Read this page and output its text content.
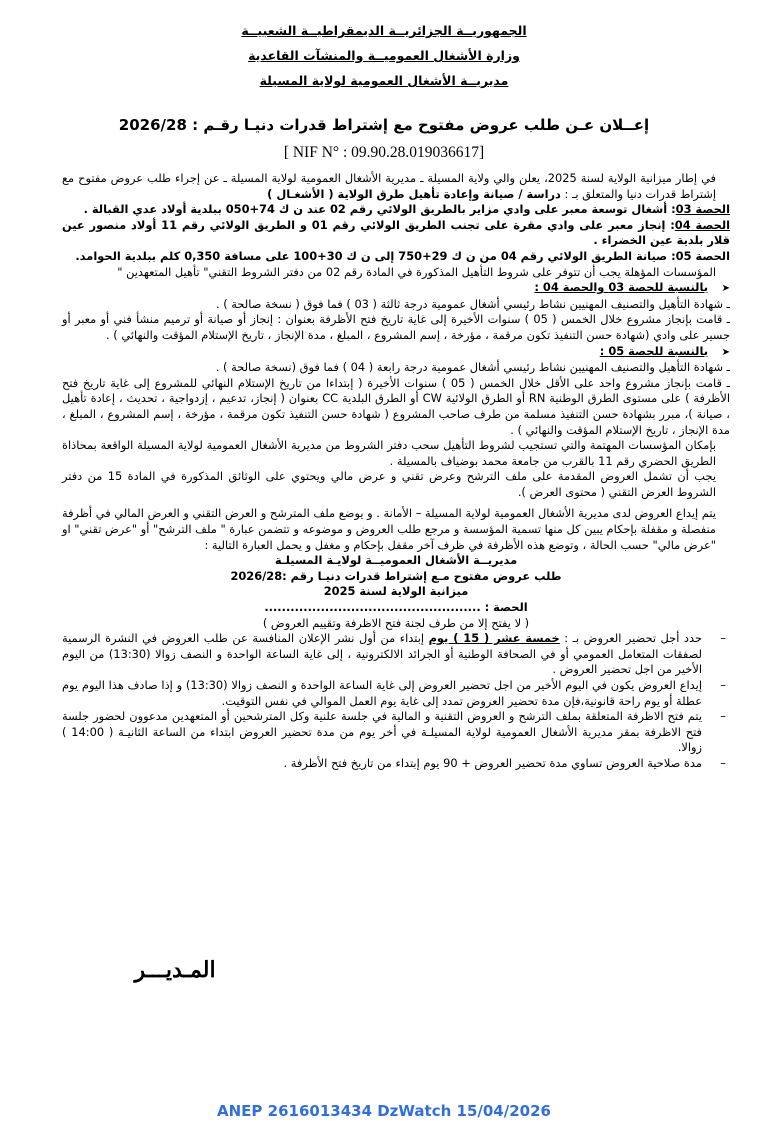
الجمهوريــة الجزائريــة الديمقراطيــة الشعبيــة
وزارة الأشغال العموميــة والمنشآت القاعدية
مديريــة الأشغال العمومية لولاية المسيلة
إعــلان عـن طلب عروض مفتوح مع إشتراط قدرات دنيـا رقـم : 2026/28
[ NIF N° : 09.90.28.019036617]

في إطار ميزانية الولاية لسنة 2025، يعلن والي ولاية المسيلة ـ مديرية الأشغال العمومية لولاية المسيلة ـ عن إجراء طلب عروض مفتوح مع إشتراط قدرات دنيا والمتعلق بـ : دراسة / صيانة وإعادة تأهيل طرق الولاية ( الأشغـال )

الحصة 03: أشغال توسعة معبر على وادي مزاير بالطريق الولائي رقم 02 عند ن ك 74+050 ببلدية أولاد عدي القبالة .

الحصة 04: إنجاز معبر على وادي مقرة على تجنب الطريق الولائي رقم 01 و الطريق الولائي رقم 11 أولاد منصور عين قلار بلدية عين الخضراء .

الحصة 05: صيانة الطريق الولائي رقم 04 من ن ك 29+750 إلى ن ك 30+100 على مسافة 0,350 كلم ببلدية الحوامد.

المؤسسات المؤهلة يجب أن تتوفر على شروط التأهيل المذكورة في المادة رقم 02 من دفتر الشروط التقني" تأهيل المتعهدين "

➤بالنسبة للحصة 03 والحصة 04 :

ـ شهادة التأهيل والتصنيف المهنيين نشاط رئيسي أشغال عمومية درجة ثالثة ( 03 ) فما فوق ( نسخة صالحة ) .

ـ قامت بإنجاز مشروع خلال الخمس ( 05 ) سنوات الأخيرة إلى غاية تاريخ فتح الأظرفة بعنوان : إنجاز أو صيانة أو ترميم منشأ فني أو معبر أو جسير على وادي (شهادة حسن التنفيذ تكون مرقمة ، مؤرخة ، إسم المشروع ، المبلغ ، مدة الإنجاز ، تاريخ الإستلام المؤقت والنهائي ) .

➤بالنسبة للحصة 05 :

ـ شهادة التأهيل والتصنيف المهنيين نشاط رئيسي أشغال عمومية درجة رابعة ( 04 ) فما فوق (نسخة صالحة ) .

ـ قامت بإنجاز مشروع واحد على الأقل خلال الخمس ( 05 ) سنوات الأخيرة ( إبتداءا من تاريخ الإستلام النهائي للمشروع إلى غاية تاريخ فتح الأظرفة ) على مستوى الطرق الوطنية RN أو الطرق الولائية CW أو الطرق البلدية CC بعنوان ( إنجاز، تدعيم ، إزدواجية ، تحديث ، إعادة تأهيل ، صيانة )، مبرر بشهادة حسن التنفيذ مسلمة من طرف صاحب المشروع ( شهادة حسن التنفيذ تكون مرقمة ، مؤرخة ، إسم المشروع ، المبلغ ، مدة الإنجاز ، تاريخ الإستلام المؤقت والنهائي ) .

بإمكان المؤسسات المهتمة والتي تستجيب لشروط التأهيل سحب دفتر الشروط من مديرية الأشغال العمومية لولاية المسيلة الواقعة بمحاذاة الطريق الحضري رقم 11 بالقرب من جامعة محمد بوضياف بالمسيلة .

يجب أن تشمل العروض المقدمة على ملف الترشح وعرض تقني و عرض مالي ويحتوي على الوثائق المذكورة في المادة 15 من دفتر الشروط العرض التقني ( محتوى العرض ).

يتم إيداع العروض لدى مديرية الأشغال العمومية لولاية المسيلة – الأمانة . و يوضع ملف المترشح و العرض التقني و العرض المالي في أظرفة منفصلة و مقفلة بإحكام يبين كل منها تسمية المؤسسة و مرجع طلب العروض و موضوعه و تتضمن عبارة " ملف الترشح" أو "عرض تقني" او "عرض مالي" حسب الحالة ، وتوضع هذه الأظرفة في ظرف آخر مقفل بإحكام و مغفل و يحمل العبارة التالية :

مديريــة الأشغال العموميــة لولايـة المسيلـة

طلب عروض مفتوح مـع إشتراط قدرات دنيـا رقم :2026/28

ميزانية الولاية لسنة 2025

الحصة : ..................................................

( لا يفتح إلا من طرف لجنة فتح الاظرفة وتقييم العروض )

– حدد أجل تحضير العروض بـ : خمسة عشر ( 15 ) يوم إبتداء من أول نشر الإعلان المنافسة عن طلب العروض في النشرة الرسمية لصفقات المتعامل العمومي أو في الصحافة الوطنية أو الجرائد الالكترونية ، إلى غاية الساعة الواحدة و النصف زوالا (13:30) من اليوم الأخير من اجل تحضير العروض .

– إيداع العروض يكون في اليوم الأخير من اجل تحضير العروض إلى غاية الساعة الواحدة و النصف زوالا (13:30) و إذا صادف هذا اليوم يوم عطلة أو يوم راحة قانونية،فإن مدة تحضير العروض تمدد إلى غاية يوم العمل الموالي في نفس التوقيت.

– يتم فتح الاظرفة المتعلقة بملف الترشح و العروض التقنية و المالية في جلسة علنية وكل المترشحين أو المتعهدين مدعوون لحضور جلسة فتح الاظرفة بمقر مديرية الأشغال العمومية لولاية المسيلـة في أخر يوم من مدة تحضير العروض ابتداء من الساعة الثانيـة ( 14:00 ) زوالا.

– مدة صلاحية العروض تساوي مدة تحضير العروض + 90 يوم إبتداء من تاريخ فتح الأظرفة .

المـديـــر
ANEP 2616013434 DzWatch 15/04/2026
